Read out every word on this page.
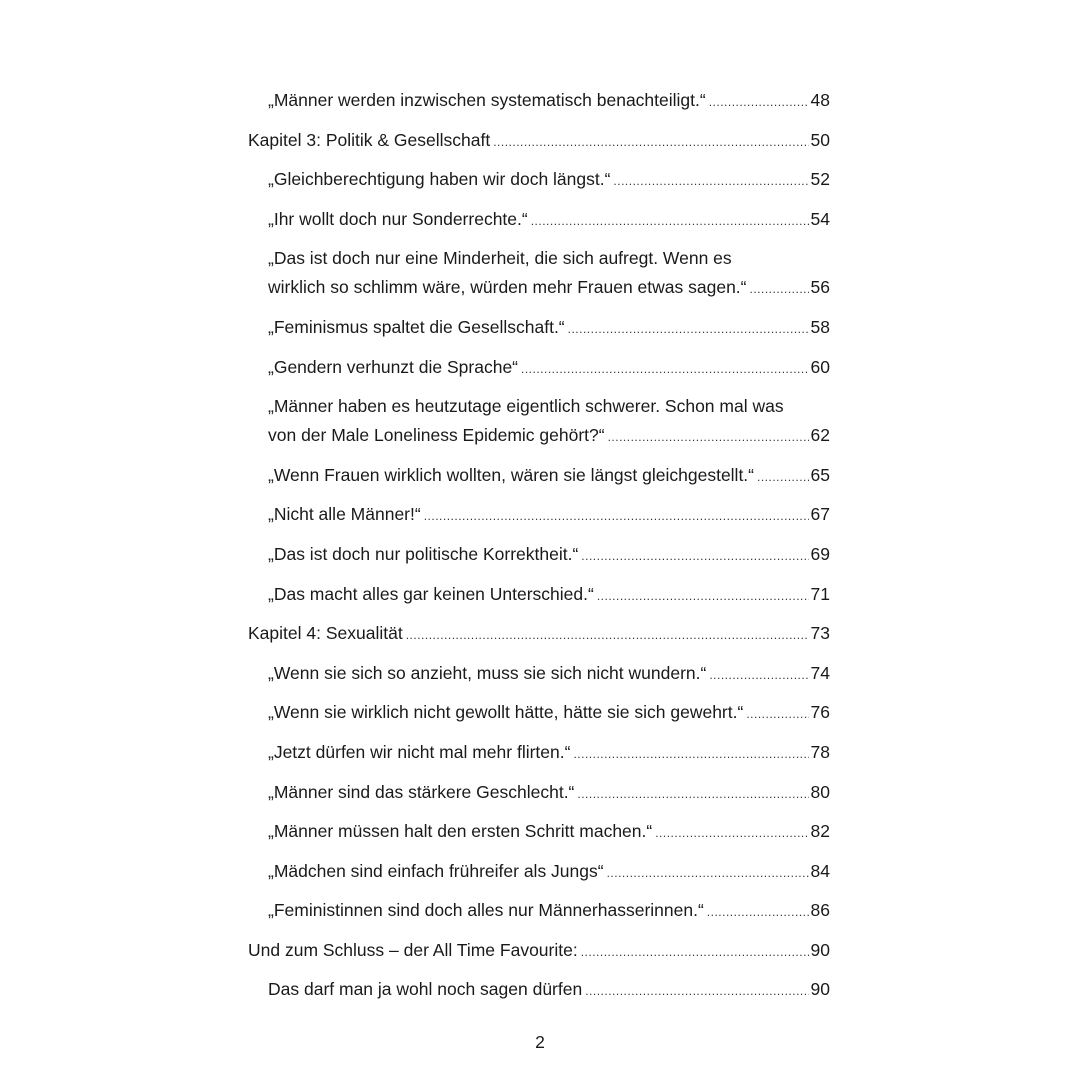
„Männer werden inzwischen systematisch benachteiligt.“ .....	48
Kapitel 3: Politik & Gesellschaft .....	50
„Gleichberechtigung haben wir doch längst.“ .....	52
„Ihr wollt doch nur Sonderrechte.“ .....	54
„Das ist doch nur eine Minderheit, die sich aufregt. Wenn es
wirklich so schlimm wäre, würden mehr Frauen etwas sagen.“ .....	56
„Feminismus spaltet die Gesellschaft.“ .....	58
„Gendern verhunzt die Sprache“ .....	60
„Männer haben es heutzutage eigentlich schwerer. Schon mal was
von der Male Loneliness Epidemic gehört?“ .....	62
„Wenn Frauen wirklich wollten, wären sie längst gleichgestellt.“ .....	65
„Nicht alle Männer!“ .....	67
„Das ist doch nur politische Korrektheit.“ .....	69
„Das macht alles gar keinen Unterschied.“ .....	71
Kapitel 4: Sexualität .....	73
„Wenn sie sich so anzieht, muss sie sich nicht wundern.“ .....	74
„Wenn sie wirklich nicht gewollt hätte, hätte sie sich gewehrt.“ .....	76
„Jetzt dürfen wir nicht mal mehr flirten.“ .....	78
„Männer sind das stärkere Geschlecht.“ .....	80
„Männer müssen halt den ersten Schritt machen.“ .....	82
„Mädchen sind einfach frühreifer als Jungs“ .....	84
„Feministinnen sind doch alles nur Männerhasserinnen.“ .....	86
Und zum Schluss – der All Time Favourite: .....	90
Das darf man ja wohl noch sagen dürfen .....	90
2
